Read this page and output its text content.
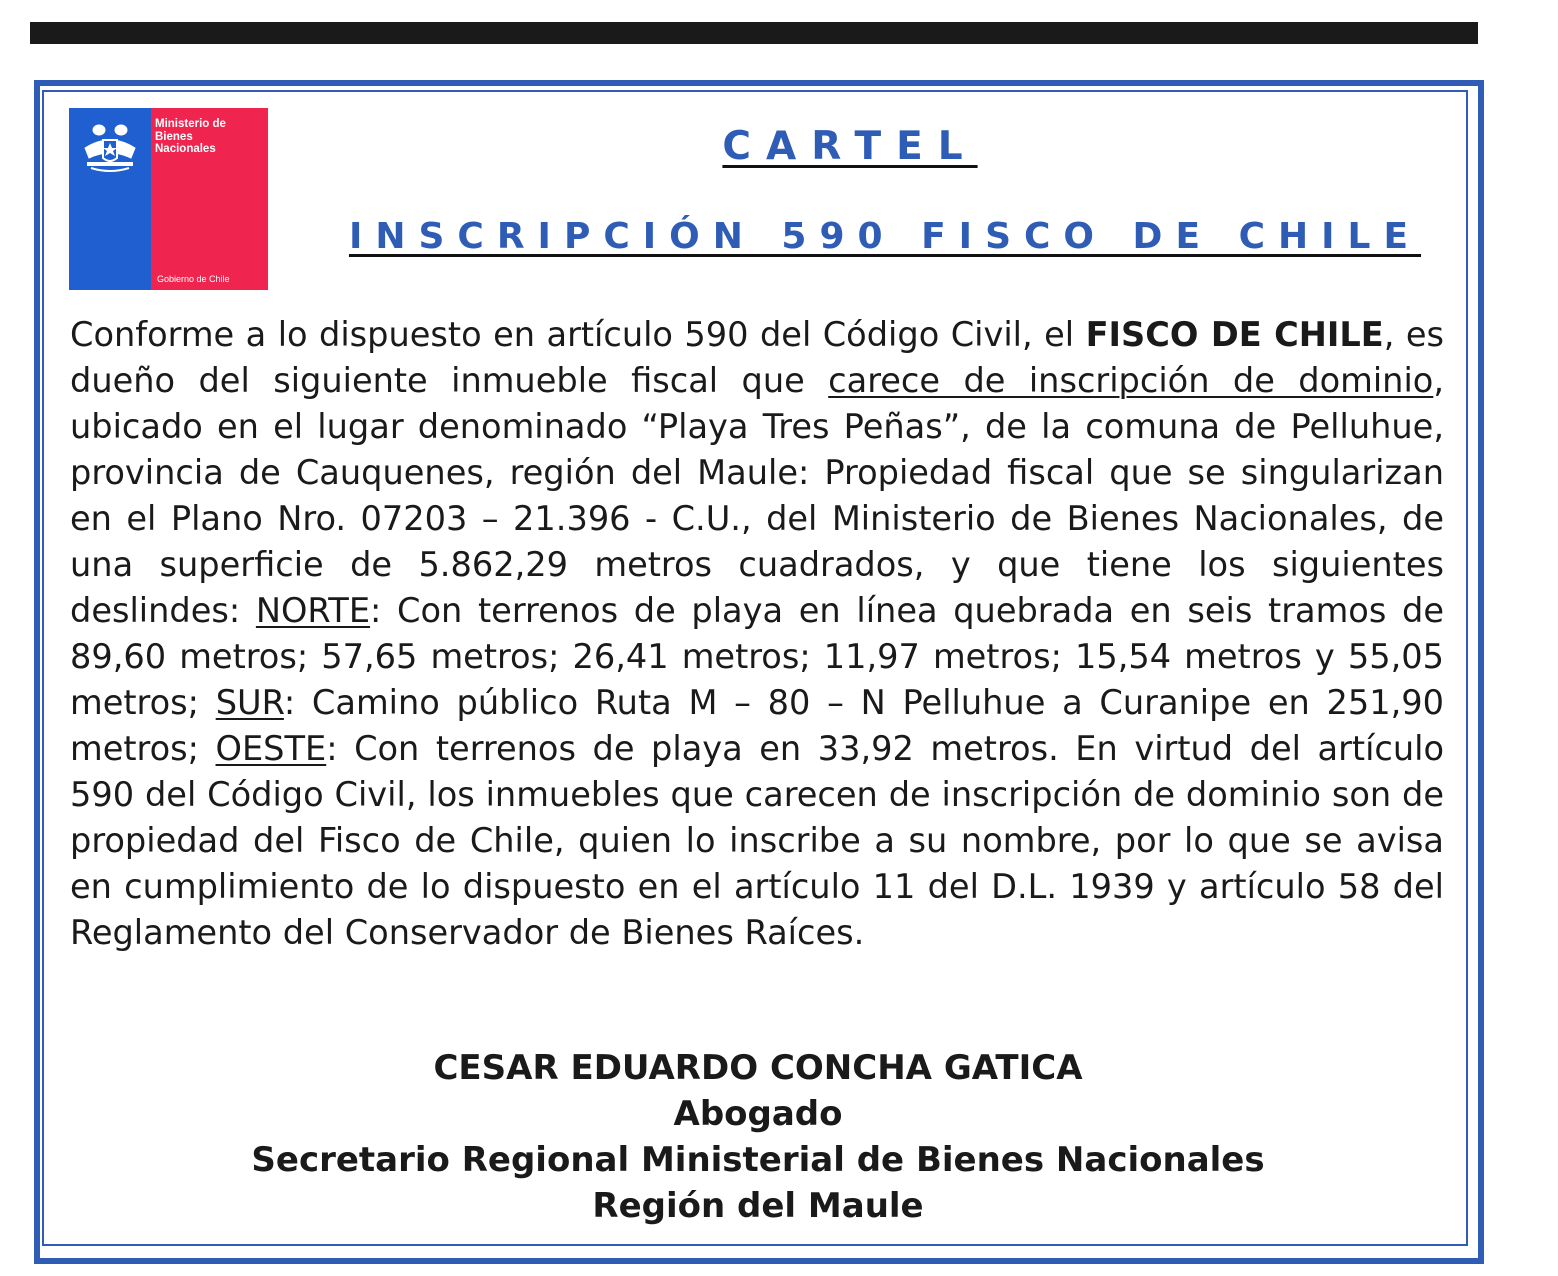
Ministerio de
Bienes
Nacionales
Gobierno de Chile
CARTEL
INSCRIPCIÓN 590 FISCO DE CHILE

Conforme a lo dispuesto en artículo 590 del Código Civil, el FISCO DE CHILE, es dueño del siguiente inmueble fiscal que carece de inscripción de dominio, ubicado en el lugar denominado “Playa Tres Peñas”, de la comuna de Pelluhue, provincia de Cauquenes, región del Maule: Propiedad fiscal que se singularizan en el Plano Nro. 07203 – 21.396 - C.U., del Ministerio de Bienes Nacionales, de una superficie de 5.862,29 metros cuadrados, y que tiene los siguientes deslindes: NORTE: Con terrenos de playa en línea quebrada en seis tramos de 89,60 metros; 57,65 metros; 26,41 metros; 11,97 metros; 15,54 metros y 55,05 metros; SUR: Camino público Ruta M – 80 – N Pelluhue a Curanipe en 251,90 metros; OESTE: Con terrenos de playa en 33,92 metros. En virtud del artículo 590 del Código Civil, los inmuebles que carecen de inscripción de dominio son de propiedad del Fisco de Chile, quien lo inscribe a su nombre, por lo que se avisa en cumplimiento de lo dispuesto en el artículo 11 del D.L. 1939 y artículo 58 del Reglamento del Conservador de Bienes Raíces.

CESAR EDUARDO CONCHA GATICA
Abogado
Secretario Regional Ministerial de Bienes Nacionales
Región del Maule
